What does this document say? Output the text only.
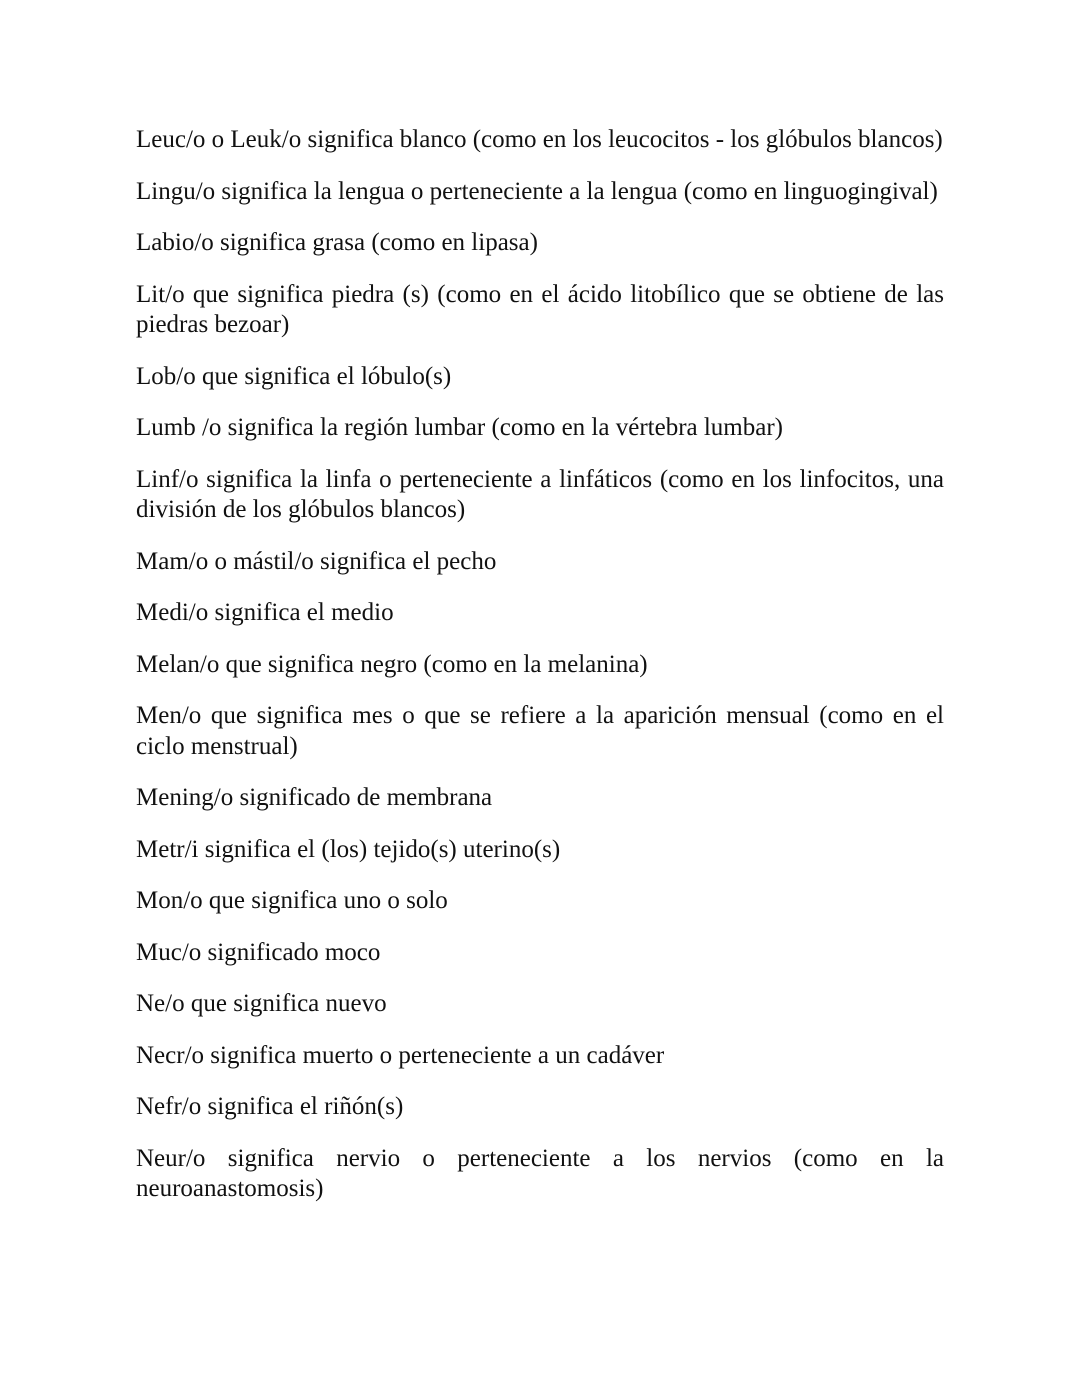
Leuc/o o Leuk/o significa blanco (como en los leucocitos - los glóbulos blancos)

Lingu/o significa la lengua o perteneciente a la lengua (como en linguogingival)

Labio/o significa grasa (como en lipasa)

Lit/o que significa piedra (s) (como en el ácido litobílico que se obtiene de las piedras bezoar)

Lob/o que significa el lóbulo(s)

Lumb /o significa la región lumbar (como en la vértebra lumbar)

Linf/o significa la linfa o perteneciente a linfáticos (como en los linfocitos, una división de los glóbulos blancos)

Mam/o o mástil/o significa el pecho

Medi/o significa el medio

Melan/o que significa negro (como en la melanina)

Men/o que significa mes o que se refiere a la aparición mensual (como en el ciclo menstrual)

Mening/o significado de membrana

Metr/i significa el (los) tejido(s) uterino(s)

Mon/o que significa uno o solo

Muc/o significado moco

Ne/o que significa nuevo

Necr/o significa muerto o perteneciente a un cadáver

Nefr/o significa el riñón(s)

Neur/o significa nervio o perteneciente a los nervios (como en la neuroanastomosis)
